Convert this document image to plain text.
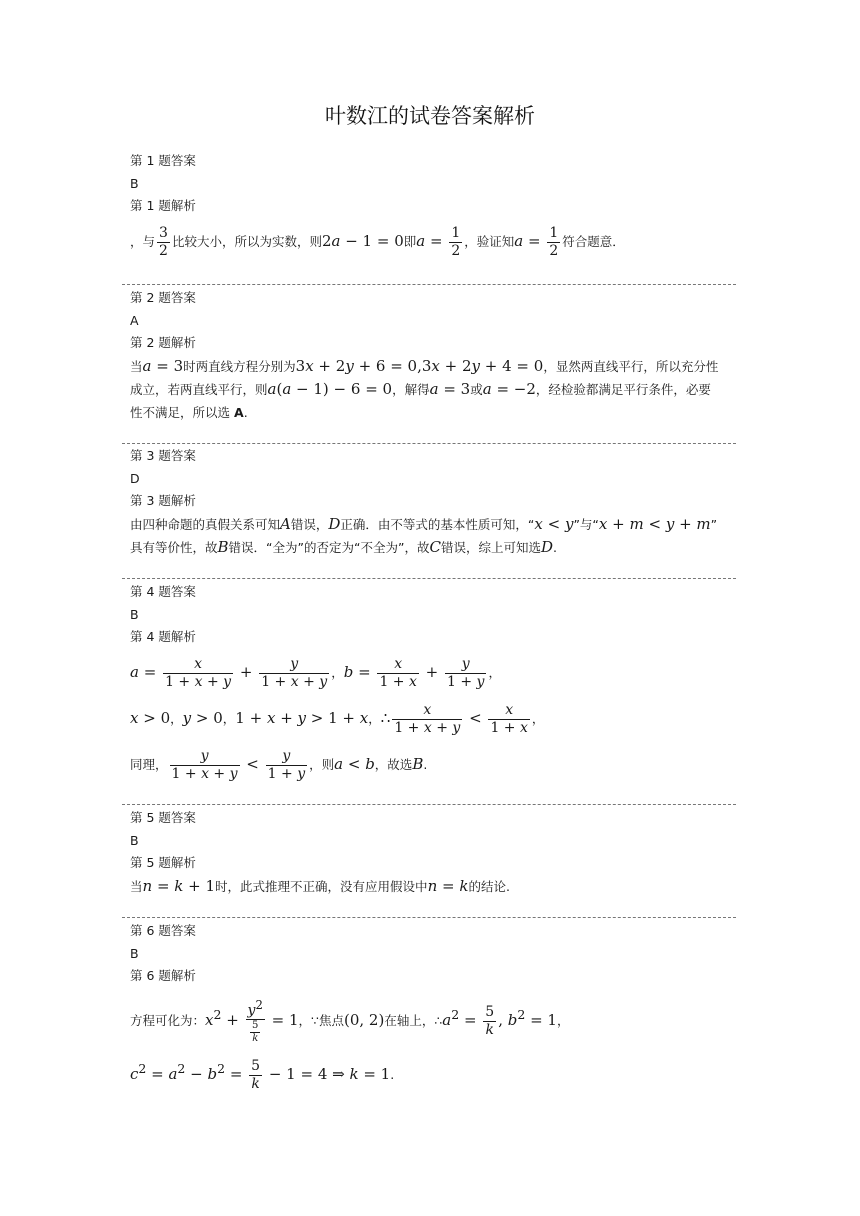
叶数江的试卷答案解析
第 1 题答案
B
第 1 题解析
，与 $\frac{3}{2}$ 比较大小，所以为实数，则2a − 1 = 0即$a = \frac{1}{2}$ ，验证知$a = \frac{1}{2}$ 符合题意．
第 2 题答案
A
第 2 题解析
当a = 3时两直线方程分别为3x + 2y + 6 = 0,3x + 2y + 4 = 0，显然两直线平行，所以充分性
成立，若两直线平行，则a(a − 1) − 6 = 0，解得a = 3或a = −2，经检验都满足平行条件，必要
性不满足，所以选 A.
第 3 题答案
D
第 3 题解析
由四种命题的真假关系可知A错误，D正确．由不等式的基本性质可知，“x < y”与“x + m < y + m”
具有等价性，故B错误．“全为”的否定为“不全为”，故C错误，综上可知选D.
第 4 题答案
B
第 4 题解析
$a = \frac{x}{1 + x + y} + \frac{y}{1 + x + y}$ ，$b = \frac{x}{1 + x} + \frac{y}{1 + y}$ ，
x > 0，y > 0，1 + x + y > 1 + x，∴ $\frac{x}{1 + x + y} < \frac{x}{1 + x}$ ，
同理， $\frac{y}{1 + x + y} < \frac{y}{1 + y}$ ，则a < b，故选B.
第 5 题答案
B
第 5 题解析
当n = k + 1时，此式推理不正确，没有应用假设中n = k的结论.
第 6 题答案
B
第 6 题解析
方程可化为：$x^2 + \frac{y^2}{\frac{5}{k}} = 1$，∵焦点(0, 2)在轴上，$\therefore a^2 = \frac{5}{k}$ , $b^2 = 1$，
$c^2 = a^2 - b^2 = \frac{5}{k} - 1 = 4$ ⇒ k = 1.
